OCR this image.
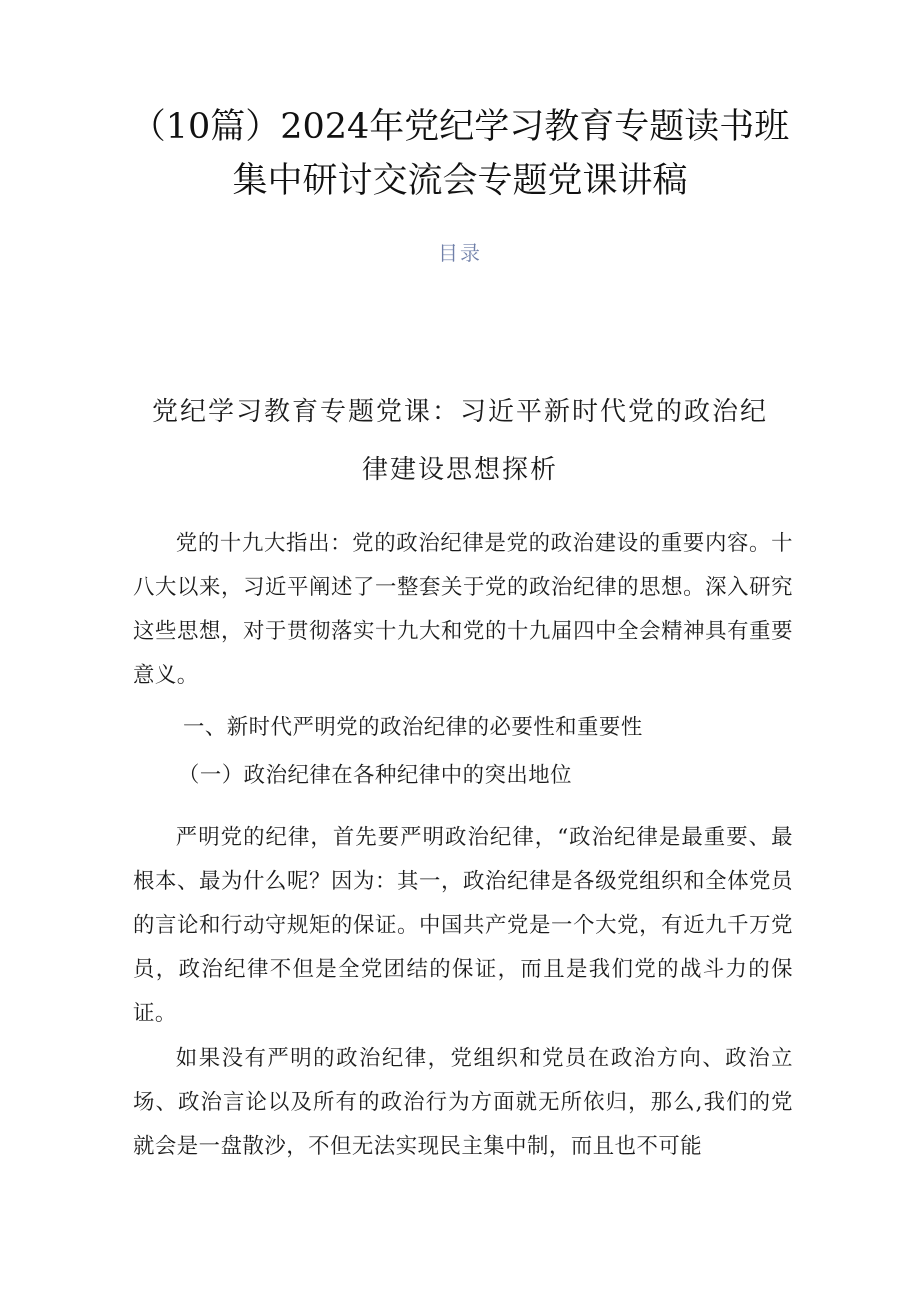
（10篇）2024年党纪学习教育专题读书班
集中研讨交流会专题党课讲稿
目录
党纪学习教育专题党课：习近平新时代党的政治纪
律建设思想探析

党的十九大指出：党的政治纪律是党的政治建设的重要内容。十八大以来，习近平阐述了一整套关于党的政治纪律的思想。深入研究这些思想，对于贯彻落实十九大和党的十九届四中全会精神具有重要意义。

一、新时代严明党的政治纪律的必要性和重要性

（一）政治纪律在各种纪律中的突出地位

严明党的纪律，首先要严明政治纪律，“政治纪律是最重要、最根本、最为什么呢？因为：其一，政治纪律是各级党组织和全体党员的言论和行动守规矩的保证。中国共产党是一个大党，有近九千万党员，政治纪律不但是全党团结的保证，而且是我们党的战斗力的保证。

如果没有严明的政治纪律，党组织和党员在政治方向、政治立场、政治言论以及所有的政治行为方面就无所依归，那么,我们的党就会是一盘散沙，不但无法实现民主集中制，而且也不可能
